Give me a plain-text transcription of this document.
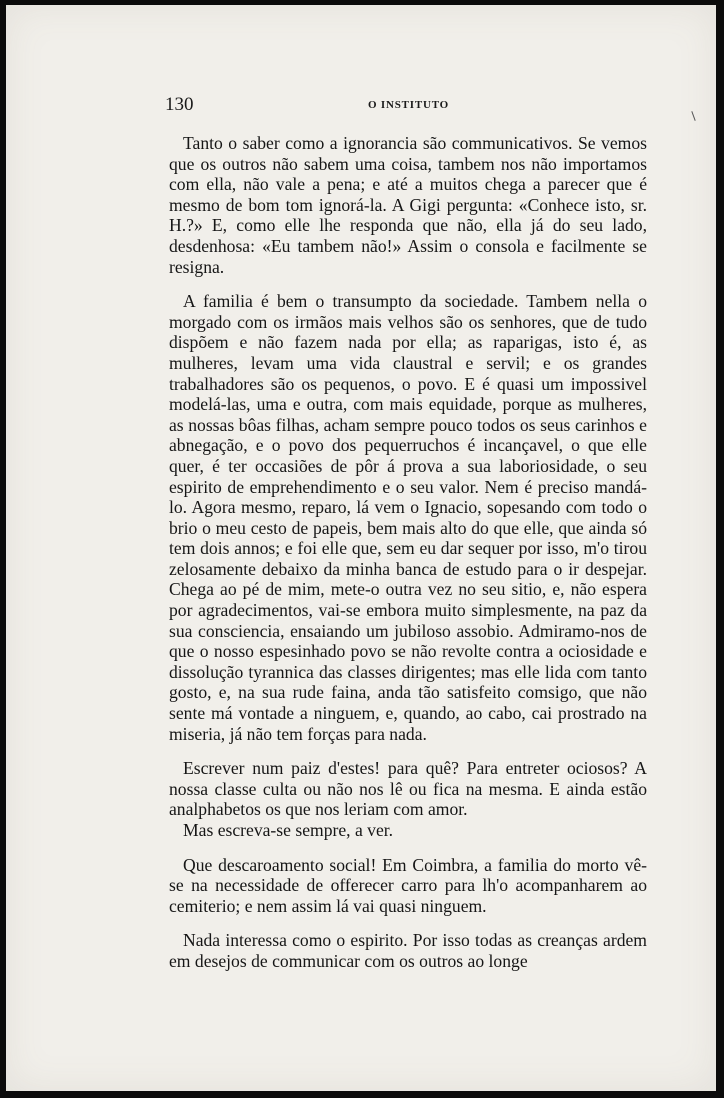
130	O INSTITUTO

Tanto o saber como a ignorancia são communicativos. Se vemos que os outros não sabem uma coisa, tambem nos não importamos com ella, não vale a pena; e até a muitos chega a parecer que é mesmo de bom tom ignorá-la. A Gigi pergunta: «Conhece isto, sr. H.?» E, como elle lhe responda que não, ella já do seu lado, desdenhosa: «Eu tambem não!» Assim o consola e facilmente se resigna.

A familia é bem o transumpto da sociedade. Tambem nella o morgado com os irmãos mais velhos são os senhores, que de tudo dispõem e não fazem nada por ella; as raparigas, isto é, as mulheres, levam uma vida claustral e servil; e os grandes trabalhadores são os pequenos, o povo. E é quasi um impossivel modelá-las, uma e outra, com mais equidade, porque as mulheres, as nossas bôas filhas, acham sempre pouco todos os seus carinhos e abnegação, e o povo dos pequerruchos é incançavel, o que elle quer, é ter occasiões de pôr á prova a sua laboriosidade, o seu espirito de emprehendimento e o seu valor. Nem é preciso mandá-lo. Agora mesmo, reparo, lá vem o Ignacio, sopesando com todo o brio o meu cesto de papeis, bem mais alto do que elle, que ainda só tem dois annos; e foi elle que, sem eu dar sequer por isso, m'o tirou zelosamente debaixo da minha banca de estudo para o ir despejar. Chega ao pé de mim, mete-o outra vez no seu sitio, e, não espera por agradecimentos, vai-se embora muito simplesmente, na paz da sua consciencia, ensaiando um jubiloso assobio. Admiramo-nos de que o nosso espesinhado povo se não revolte contra a ociosidade e dissolução tyrannica das classes dirigentes; mas elle lida com tanto gosto, e, na sua rude faina, anda tão satisfeito comsigo, que não sente má vontade a ninguem, e, quando, ao cabo, cai prostrado na miseria, já não tem forças para nada.

Escrever num paiz d'estes! para quê? Para entreter ociosos? A nossa classe culta ou não nos lê ou fica na mesma. E ainda estão analphabetos os que nos leriam com amor.

Mas escreva-se sempre, a ver.

Que descaroamento social! Em Coimbra, a familia do morto vê-se na necessidade de offerecer carro para lh'o acompanharem ao cemiterio; e nem assim lá vai quasi ninguem.

Nada interessa como o espirito. Por isso todas as creanças ardem em desejos de communicar com os outros ao longe
